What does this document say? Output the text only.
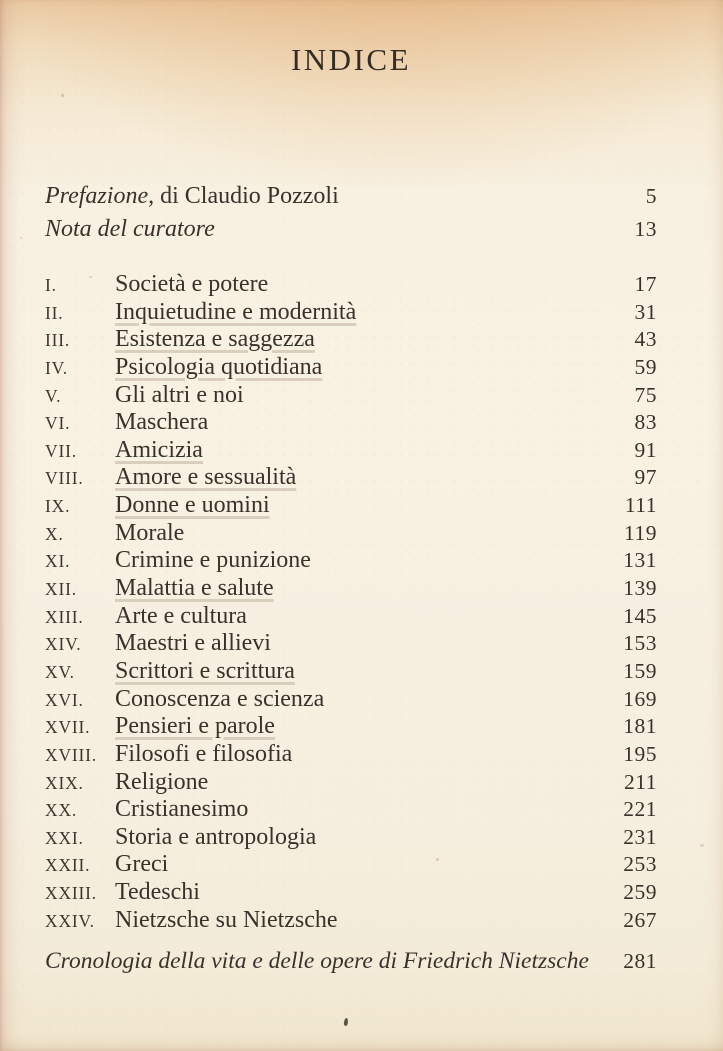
INDICE
Prefazione, di Claudio Pozzoli	5
Nota del curatore	13
I.	Società e potere	17
II.	Inquietudine e modernità	31
III.	Esistenza e saggezza	43
IV.	Psicologia quotidiana	59
V.	Gli altri e noi	75
VI.	Maschera	83
VII.	Amicizia	91
VIII.	Amore e sessualità	97
IX.	Donne e uomini	111
X.	Morale	119
XI.	Crimine e punizione	131
XII.	Malattia e salute	139
XIII.	Arte e cultura	145
XIV.	Maestri e allievi	153
XV.	Scrittori e scrittura	159
XVI.	Conoscenza e scienza	169
XVII.	Pensieri e parole	181
XVIII. Filosofi e filosofia	195
XIX.	Religione	211
XX.	Cristianesimo	221
XXI.	Storia e antropologia	231
XXII.	Greci	253
XXIII. Tedeschi	259
XXIV. Nietzsche su Nietzsche	267
Cronologia della vita e delle opere di Friedrich Nietzsche	281
